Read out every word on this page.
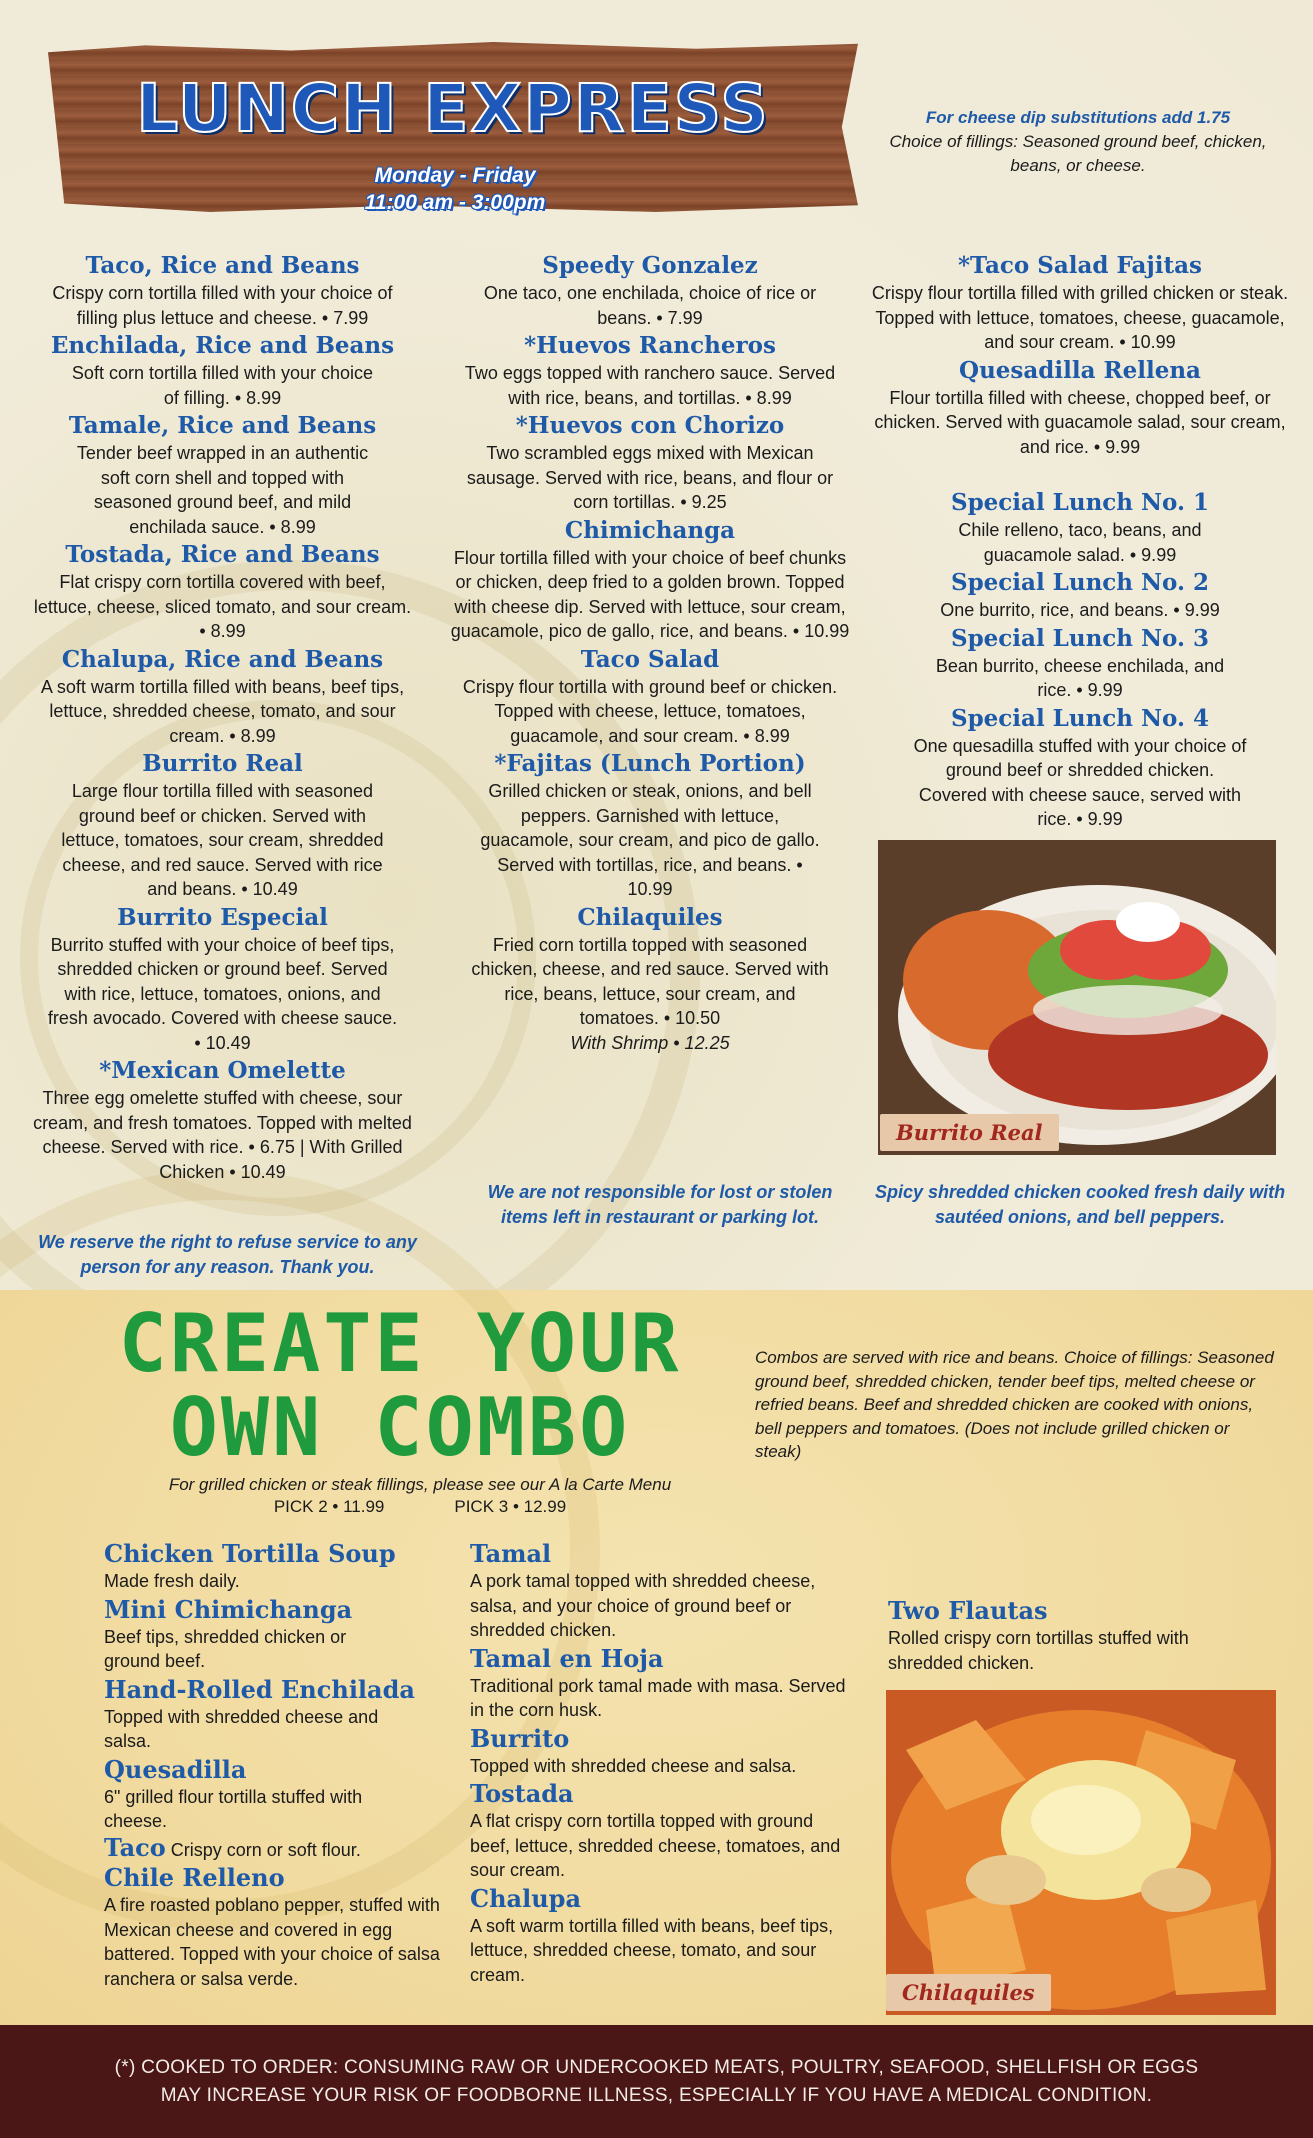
LUNCH EXPRESS
Monday - Friday
11:00 am - 3:00pm
For cheese dip substitutions add 1.75
Choice of fillings: Seasoned ground beef, chicken, beans, or cheese.

Taco, Rice and Beans

Crispy corn tortilla filled with your choice of filling plus lettuce and cheese. • 7.99

Enchilada, Rice and Beans

Soft corn tortilla filled with your choice of filling. • 8.99

Tamale, Rice and Beans

Tender beef wrapped in an authentic soft corn shell and topped with seasoned ground beef, and mild enchilada sauce. • 8.99

Tostada, Rice and Beans

Flat crispy corn tortilla covered with beef, lettuce, cheese, sliced tomato, and sour cream. • 8.99

Chalupa, Rice and Beans

A soft warm tortilla filled with beans, beef tips, lettuce, shredded cheese, tomato, and sour cream. • 8.99

Burrito Real

Large flour tortilla filled with seasoned ground beef or chicken. Served with lettuce, tomatoes, sour cream, shredded cheese, and red sauce. Served with rice and beans. • 10.49

Burrito Especial

Burrito stuffed with your choice of beef tips, shredded chicken or ground beef. Served with rice, lettuce, tomatoes, onions, and fresh avocado. Covered with cheese sauce. • 10.49

*Mexican Omelette

Three egg omelette stuffed with cheese, sour cream, and fresh tomatoes. Topped with melted cheese. Served with rice. • 6.75 | With Grilled Chicken • 10.49

We reserve the right to refuse service to any person for any reason. Thank you.

Speedy Gonzalez

One taco, one enchilada, choice of rice or beans. • 7.99

*Huevos Rancheros

Two eggs topped with ranchero sauce. Served with rice, beans, and tortillas. • 8.99

*Huevos con Chorizo

Two scrambled eggs mixed with Mexican sausage. Served with rice, beans, and flour or corn tortillas. • 9.25

Chimichanga

Flour tortilla filled with your choice of beef chunks or chicken, deep fried to a golden brown. Topped with cheese dip. Served with lettuce, sour cream, guacamole, pico de gallo, rice, and beans. • 10.99

Taco Salad

Crispy flour tortilla with ground beef or chicken. Topped with cheese, lettuce, tomatoes, guacamole, and sour cream. • 8.99

*Fajitas (Lunch Portion)

Grilled chicken or steak, onions, and bell peppers. Garnished with lettuce, guacamole, sour cream, and pico de gallo. Served with tortillas, rice, and beans. • 10.99

Chilaquiles

Fried corn tortilla topped with seasoned chicken, cheese, and red sauce. Served with rice, beans, lettuce, sour cream, and tomatoes. • 10.50

With Shrimp • 12.25

We are not responsible for lost or stolen items left in restaurant or parking lot.

*Taco Salad Fajitas

Crispy flour tortilla filled with grilled chicken or steak. Topped with lettuce, tomatoes, cheese, guacamole, and sour cream. • 10.99

Quesadilla Rellena

Flour tortilla filled with cheese, chopped beef, or chicken. Served with guacamole salad, sour cream, and rice. • 9.99

Special Lunch No. 1

Chile relleno, taco, beans, and guacamole salad. • 9.99

Special Lunch No. 2

One burrito, rice, and beans. • 9.99

Special Lunch No. 3

Bean burrito, cheese enchilada, and rice. • 9.99

Special Lunch No. 4

One quesadilla stuffed with your choice of ground beef or shredded chicken. Covered with cheese sauce, served with rice. • 9.99

Burrito Real
Spicy shredded chicken cooked fresh daily with sautéed onions, and bell peppers.
CREATE YOUR
OWN COMBO
Combos are served with rice and beans. Choice of fillings: Seasoned ground beef, shredded chicken, tender beef tips, melted cheese or refried beans. Beef and shredded chicken are cooked with onions, bell peppers and tomatoes. (Does not include grilled chicken or steak)
For grilled chicken or steak fillings, please see our A la Carte Menu
PICK 2 • 11.99	PICK 3 • 12.99

Chicken Tortilla Soup

Made fresh daily.

Mini Chimichanga

Beef tips, shredded chicken or ground beef.

Hand-Rolled Enchilada

Topped with shredded cheese and salsa.

Quesadilla

6" grilled flour tortilla stuffed with cheese.

Taco Crispy corn or soft flour.

Chile Relleno

A fire roasted poblano pepper, stuffed with Mexican cheese and covered in egg battered. Topped with your choice of salsa ranchera or salsa verde.

Tamal

A pork tamal topped with shredded cheese, salsa, and your choice of ground beef or shredded chicken.

Tamal en Hoja

Traditional pork tamal made with masa. Served in the corn husk.

Burrito

Topped with shredded cheese and salsa.

Tostada

A flat crispy corn tortilla topped with ground beef, lettuce, shredded cheese, tomatoes, and sour cream.

Chalupa

A soft warm tortilla filled with beans, beef tips, lettuce, shredded cheese, tomato, and sour cream.

Two Flautas

Rolled crispy corn tortillas stuffed with shredded chicken.

Chilaquiles
(*) COOKED TO ORDER: CONSUMING RAW OR UNDERCOOKED MEATS, POULTRY, SEAFOOD, SHELLFISH OR EGGS
MAY INCREASE YOUR RISK OF FOODBORNE ILLNESS, ESPECIALLY IF YOU HAVE A MEDICAL CONDITION.
